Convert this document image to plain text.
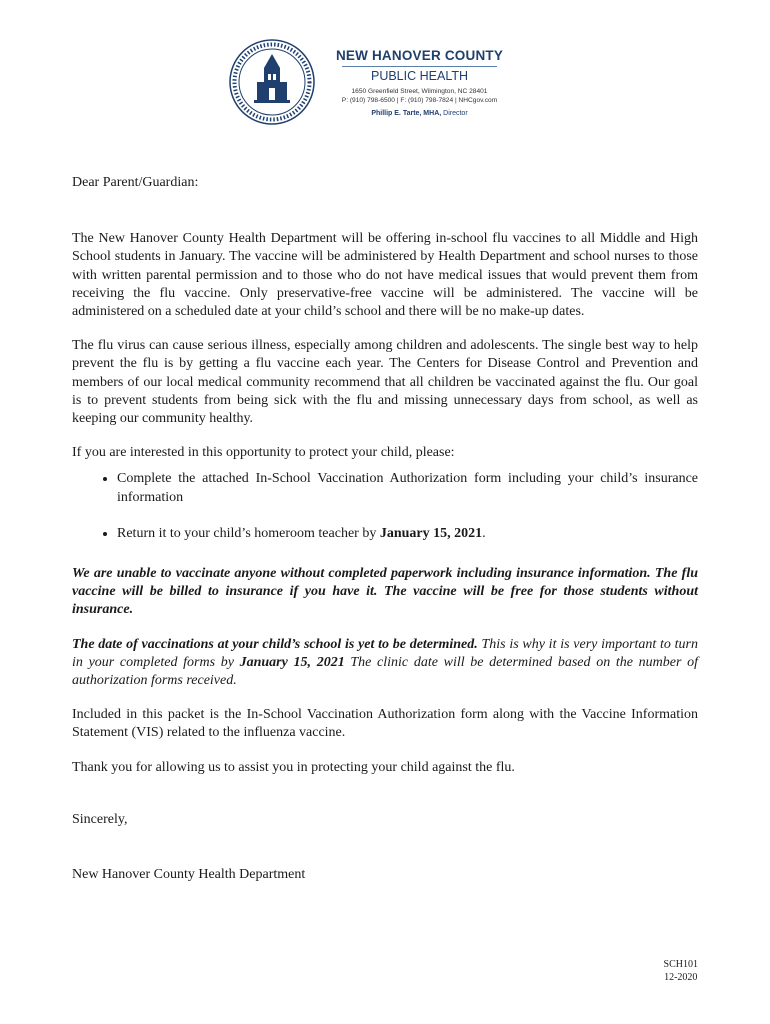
NEW HANOVER COUNTY
PUBLIC HEALTH
1650 Greenfield Street, Wilmington, NC 28401
P: (910) 798-6500 | F: (910) 798-7824 | NHCgov.com
Phillip E. Tarte, MHA, Director

Dear Parent/Guardian:

The New Hanover County Health Department will be offering in-school flu vaccines to all Middle and High School students in January. The vaccine will be administered by Health Department and school nurses to those with written parental permission and to those who do not have medical issues that would prevent them from receiving the flu vaccine. Only preservative-free vaccine will be administered. The vaccine will be administered on a scheduled date at your child’s school and there will be no make-up dates.

The flu virus can cause serious illness, especially among children and adolescents. The single best way to help prevent the flu is by getting a flu vaccine each year. The Centers for Disease Control and Prevention and members of our local medical community recommend that all children be vaccinated against the flu. Our goal is to prevent students from being sick with the flu and missing unnecessary days from school, as well as keeping our community healthy.

If you are interested in this opportunity to protect your child, please:

• Complete the attached In-School Vaccination Authorization form including your child’s insurance information
• Return it to your child’s homeroom teacher by January 15, 2021.

We are unable to vaccinate anyone without completed paperwork including insurance information. The flu vaccine will be billed to insurance if you have it. The vaccine will be free for those students without insurance.

The date of vaccinations at your child’s school is yet to be determined. This is why it is very important to turn in your completed forms by January 15, 2021 The clinic date will be determined based on the number of authorization forms received.

Included in this packet is the In-School Vaccination Authorization form along with the Vaccine Information Statement (VIS) related to the influenza vaccine.

Thank you for allowing us to assist you in protecting your child against the flu.

Sincerely,

New Hanover County Health Department

SCH101
12-2020
